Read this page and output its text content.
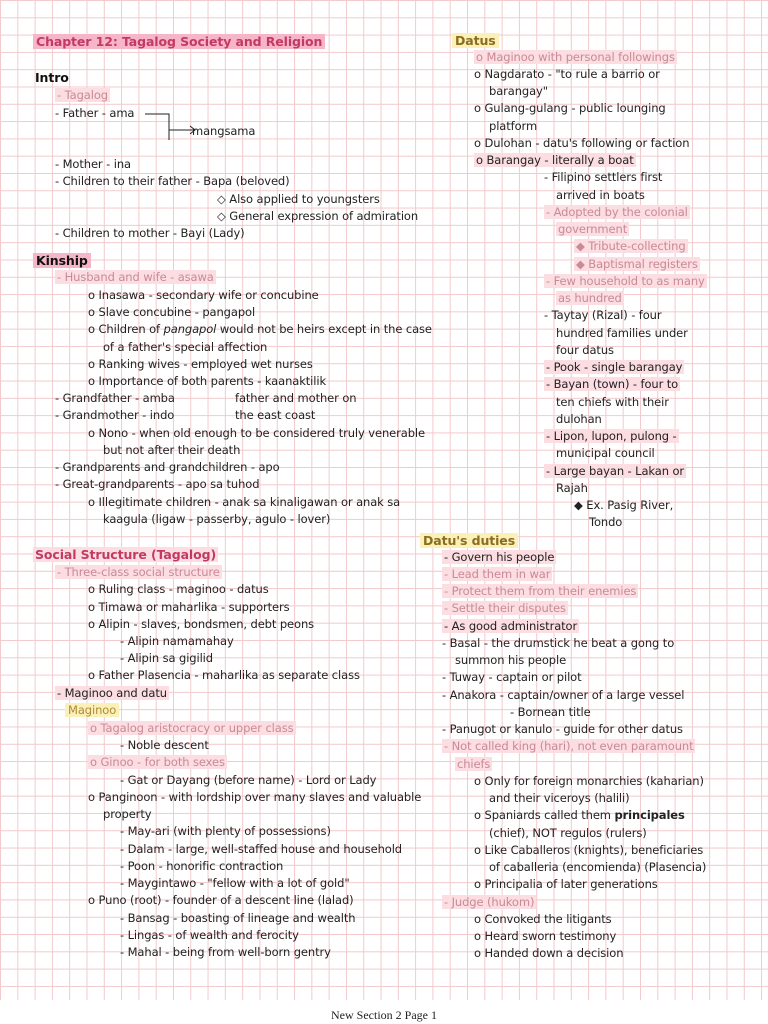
Chapter 12: Tagalog Society and Religion
Intro
- Tagalog
- Father - ama
mangsama
- Mother - ina
- Children to their father - Bapa (beloved)
◇ Also applied to youngsters
◇ General expression of admiration
- Children to mother - Bayi (Lady)
Kinship
- Husband and wife - asawa
o Inasawa - secondary wife or concubine
o Slave concubine - pangapol
o Children of pangapol would not be heirs except in the case
of a father's special affection
o Ranking wives - employed wet nurses
o Importance of both parents - kaanaktilik
- Grandfather - amba	father and mother on
- Grandmother - indo	the east coast
o Nono - when old enough to be considered truly venerable
but not after their death
- Grandparents and grandchildren - apo
- Great-grandparents - apo sa tuhod
o Illegitimate children - anak sa kinaligawan or anak sa
kaagula (ligaw - passerby, agulo - lover)
Social Structure (Tagalog)
- Three-class social structure
o Ruling class - maginoo - datus
o Timawa or maharlika - supporters
o Alipin - slaves, bondsmen, debt peons
- Alipin namamahay
- Alipin sa gigilid
o Father Plasencia - maharlika as separate class
- Maginoo and datu
Maginoo
o Tagalog aristocracy or upper class
- Noble descent
o Ginoo - for both sexes
- Gat or Dayang (before name) - Lord or Lady
o Panginoon - with lordship over many slaves and valuable
property
- May-ari (with plenty of possessions)
- Dalam - large, well-staffed house and household
- Poon - honorific contraction
- Maygintawo - "fellow with a lot of gold"
o Puno (root) - founder of a descent line (lalad)
- Bansag - boasting of lineage and wealth
- Lingas - of wealth and ferocity
- Mahal - being from well-born gentry
Datus
o Maginoo with personal followings
o Nagdarato - "to rule a barrio or
barangay"
o Gulang-gulang - public lounging
platform
o Dulohan - datu's following or faction
o Barangay - literally a boat
- Filipino settlers first
arrived in boats
- Adopted by the colonial
government
◆ Tribute-collecting
◆ Baptismal registers
- Few household to as many
as hundred
- Taytay (Rizal) - four
hundred families under
four datus
- Pook - single barangay
- Bayan (town) - four to
ten chiefs with their
dulohan
- Lipon, lupon, pulong -
municipal council
- Large bayan - Lakan or
Rajah
◆ Ex. Pasig River,
Tondo
Datu's duties
- Govern his people
- Lead them in war
- Protect them from their enemies
- Settle their disputes
- As good administrator
- Basal - the drumstick he beat a gong to
summon his people
- Tuway - captain or pilot
- Anakora - captain/owner of a large vessel
- Bornean title
- Panugot or kanulo - guide for other datus
- Not called king (hari), not even paramount
chiefs
o Only for foreign monarchies (kaharian)
and their viceroys (halili)
o Spaniards called them principales
(chief), NOT regulos (rulers)
o Like Caballeros (knights), beneficiaries
of caballeria (encomienda) (Plasencia)
o Principalia of later generations
- Judge (hukom)
o Convoked the litigants
o Heard sworn testimony
o Handed down a decision
New Section 2 Page 1
